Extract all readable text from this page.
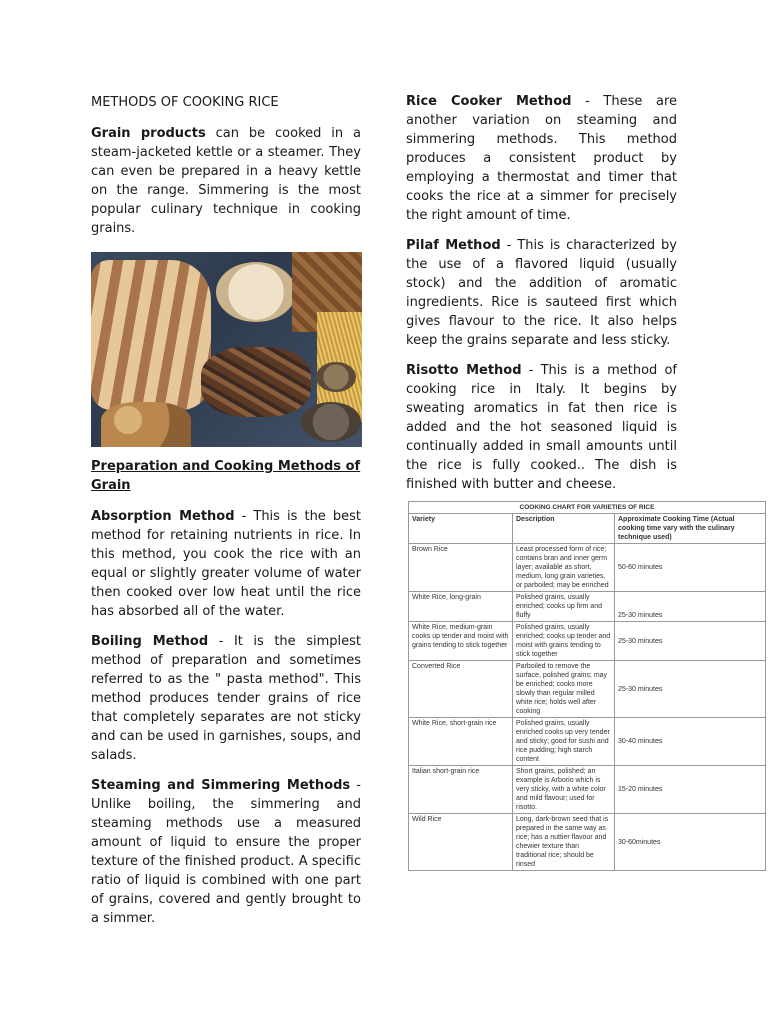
METHODS OF COOKING RICE

Grain products can be cooked in a steam-jacketed kettle or a steamer. They can even be prepared in a heavy kettle on the range. Simmering is the most popular culinary technique in cooking grains.

Preparation and Cooking Methods of Grain

Absorption Method - This is the best method for retaining nutrients in rice. In this method, you cook the rice with an equal or slightly greater volume of water then cooked over low heat until the rice has absorbed all of the water.

Boiling Method - It is the simplest method of preparation and sometimes referred to as the " pasta method". This method produces tender grains of rice that completely separates are not sticky and can be used in garnishes, soups, and salads.

Steaming and Simmering Methods - Unlike boiling, the simmering and steaming methods use a measured amount of liquid to ensure the proper texture of the finished product. A specific ratio of liquid is combined with one part of grains, covered and gently brought to a simmer.

Rice Cooker Method - These are another variation on steaming and simmering methods. This method produces a consistent product by employing a thermostat and timer that cooks the rice at a simmer for precisely the right amount of time.

Pilaf Method - This is characterized by the use of a flavored liquid (usually stock) and the addition of aromatic ingredients. Rice is sauteed first which gives flavour to the rice. It also helps keep the grains separate and less sticky.

Risotto Method - This is a method of cooking rice in Italy. It begins by sweating aromatics in fat then rice is added and the hot seasoned liquid is continually added in small amounts until the rice is fully cooked.. The dish is finished with butter and cheese.

COOKING CHART FOR VARIETIES OF RICE		
Variety	Description	Approximate Cooking Time (Actual cooking time vary with the culinary technique used)
Brown Rice	Least processed form of rice; contains bran and inner germ layer; available as short, medium, long grain varieties, or parboiled; may be enriched	50-60 minutes
White Rice, long-grain	Polished grains, usually enriched; cooks up firm and fluffy	25-30 minutes
White Rice, medium-grain cooks up tender and moist with grains tending to stick together	Polished grains, usually enriched; cooks up tender and moist with grains tending to stick together	25-30 minutes
Converted Rice	Parboiled to remove the surface, polished grains; may be enriched; cooks more slowly than regular milled white rice; holds well after cooking	25-30 minutes
White Rice, short-grain rice	Polished grains, usually enriched cooks up very tender and sticky; good for sushi and rice pudding; high starch content	30-40 minutes
Italian short-grain rice	Short grains, polished; an example is Arborio which is very sticky, with a white color and mild flavour; used for risotto.	15-20 minutes
Wild Rice	Long, dark-brown seed that is prepared in the same way as rice; has a nuttier flavour and chewier texture than traditional rice; should be rinsed	30-60minutes
